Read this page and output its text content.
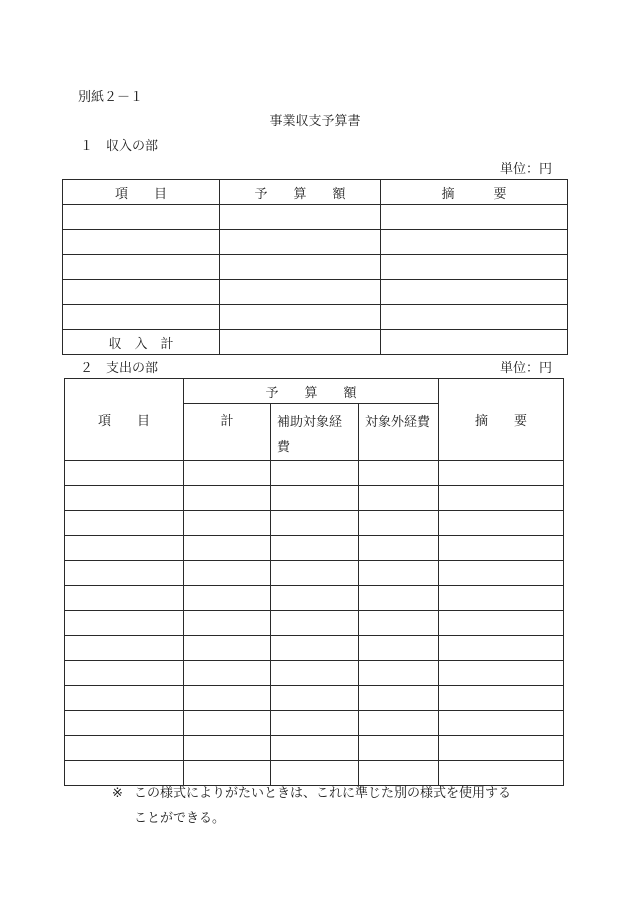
別紙２－１
事業収支予算書
１　収入の部
単位：円
項　　目	予　　算　　額	摘　　　要

収　入　計		
２　支出の部	単位：円
項　　目	予　　算　　額			摘　　要
	計	補助対象経費	対象外経費	

※ この様式によりがたいときは、これに準じた別の様式を使用する
ことができる。
